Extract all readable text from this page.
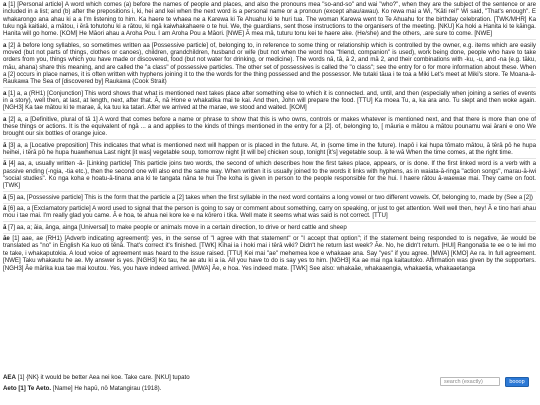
a [1] [Personal article] A word which comes (a) before the names of people and places, and also the pronouns mea "so-and-so" and wai "who?", when they are the subject of the sentence or are included in a list; and (b) after the prepositions i, ki, hei and kei when the next word is a personal name or a pronoun (except ahau/awau). Ko rewa mai a Wi, "Kāti rei!" Wi said, "That's enough". E whakarongo ana ahau ki a a I'm listening to him. Ka haere te whaea ne a Karewa ki Te Ahuahu ki te huri tua. The woman Karewa went to Te Ahuahu for the birthday celebration. [TWK/MHR] Ka tuku ngā kaitiaki, a mātou, i ērā tohutohu ki a rātou, ki ngā kaiwhakahaere o te hui. We, the guardians, sent those instructions to the organisers of the meeting. [NKU] Ka hoki a Hanita ki te kāinga. Hanita will go home. [KOM] He Māori ahau a Aroha Pou. I am Aroha Pou a Māori. [NWE] Ā mea mā, tuturu tonu kei te haere ake. (He/she) and the others, .are sure to come. [NWE]

a [2] â before long syllables, so sometimes written aa [Possessive particle] of, belonging to, in reference to some thing or relationship which is controlled by the owner, e.g. items which are easily moved (but not parts of things, clothes or canoes), children, grandchildren, husband or wife (but not when the word hoa "friend, companion" is used), work being done, people who have to take orders from you, things which you have made or discovered, food (but not water for drinking, or medicine). The words nā, tā, ā 2, and mā 2, and their combinations with -ku, -u, and -na (e.g. tāku, māu, ahana) share this meaning, and are called the "a class" of possessive particles. The other set of possessives is called the "o class"; see the entry for o for more information about these. When a [2] occurs in place names, it is often written with hyphens joining it to the the words for the thing possessed and the possessor. Me tutaki tāua i te toa a Miki Let's meet at Miki's store. Te Moana-ā-Raukawa The Sea of [discovered by] Raukawa (Cook Strait)

a [1] a, a (RH1) [Conjunction] This word shows that what is mentioned next takes place after something else to which it is connected. and, until, and then (especially when joining a series of events in a story), well then, at last, at length, next, after that. Ā, nā Hone e whakatika mai te kai. And then, John will prepare the food. [TTU] Ka moea Tu, a, ka ara ano. Tu slept and then woke again. [NGH3] Ka tae mātou ki te marae, ā, ka tuu ka tatari. After we arrived at the marae, we stood and waited. [KOM]

a [2] a, a [Definitive, plural of tā 1] A word that comes before a name or phrase to show that this is who owns, controls or makes whatever is mentioned next, and that there is more than one of these things or actions. It is the equivalent of ngā ... a and applies to the kinds of things mentioned in the entry for a [2]. of, belonging to, [ māuria e mātou a mātou pounamu wai ārani e ono We brought our six bottles of orange juice.

ā [3] a, a [Locative preposition] This indicates that what is mentioned next will happen or is placed in the future. At, in (some time in the future). Inapō i kai hupa tōmato mātou, ā tērā pō he hupa heihei, i tērā pō he hupa huawhenua Last night [it was] vegetable soup, tomorrow night [it will be] chicken soup, tonight [it's] vegetable soup. ā te wā When the time comes, at the right time.

ā [4] aa, a, usually written -ā- [Linking particle] This particle joins two words, the second of which describes how the first takes place, appears, or is done. If the first linked word is a verb with a passive ending (-ngia, -tia etc.), then the second one will also end the same way. When written it is usually joined to the words it links with hyphens, as in waiata-ā-ringa "action songs", marau-ā-iwi "social studies". Ko nga koha e hoatu-ā-tinana ana ki te tangata nāna te hui The koha is given in person to the people responsible for the hui. I haere rātou ā-waewae mai. They came on foot. [TWK]

ā [5] aa, [Possessive particle] This is the form that the particle a [2] takes when the first syllable in the next word contains a long vowel or two different vowels. Of, belonging to, made by (See a [2])

ā [6] aa, a [Exclamatory particle] A word used to signal that the person is going to say or comment about something, carry on speaking, or just to get attention. Well well then, hey! Ā e tino hari ahau mou i tae mai. I'm really glad you came. Ā e hoa, te ahua nei kore ke e na kōrero i tika. Well mate it seems what was said is not correct. [TTU]

ā [7] aa, a; āia, ānga, ainga [Universal] to make people or animals move in a certain direction, to drive or herd cattle and sheep

āe [1] aae, ae (RH1) [Adverb indicating agreement]: yes, in the sense of "I agree with that statement" or "I accept that option"; if the statement being responded to is negative, āe would be translated as "no" in English Ka kuo oti tēnā. That's correct it's finished. [TWK] Kīhai ia i hoki mai i tērā wiki? Didn't he return last week? Āe. No, he didn't return. [HUI] Rangonatia te ee o te iwi mo te take, i whakaputokia. A loud voice of agreement was heard to the issue raised. [TTU] Kei mai "ae" mehemea koe e whakaae ana. Say "yes" if you agree. [MWA] [KMO] Ae ra. In full agreement. [NWE] Taku whakautu he ae. My answer is yes. [NGH3] Ko tau, he ae atu ki a ia. All you have to do is say yes to him. [NGH3] Ka ae mai nga kaitautoko. Affirmation was given by the supporters. [NGH3] Āe mārika kua tae mai koutou. Yes, you have indeed arrived. [MWA] Āe, e hoa. Yes indeed mate. [TWK] See also: whakaāe, whakaaengia, whakaetia, whakaaetanga

AEA [1] {NK} it would be better Aea nei koe. Take care. [NKU] tupato

Aeto [1] Te Aeto. [Name] He hapū, nō Matangirau (1918).

search (exactly)
booop
